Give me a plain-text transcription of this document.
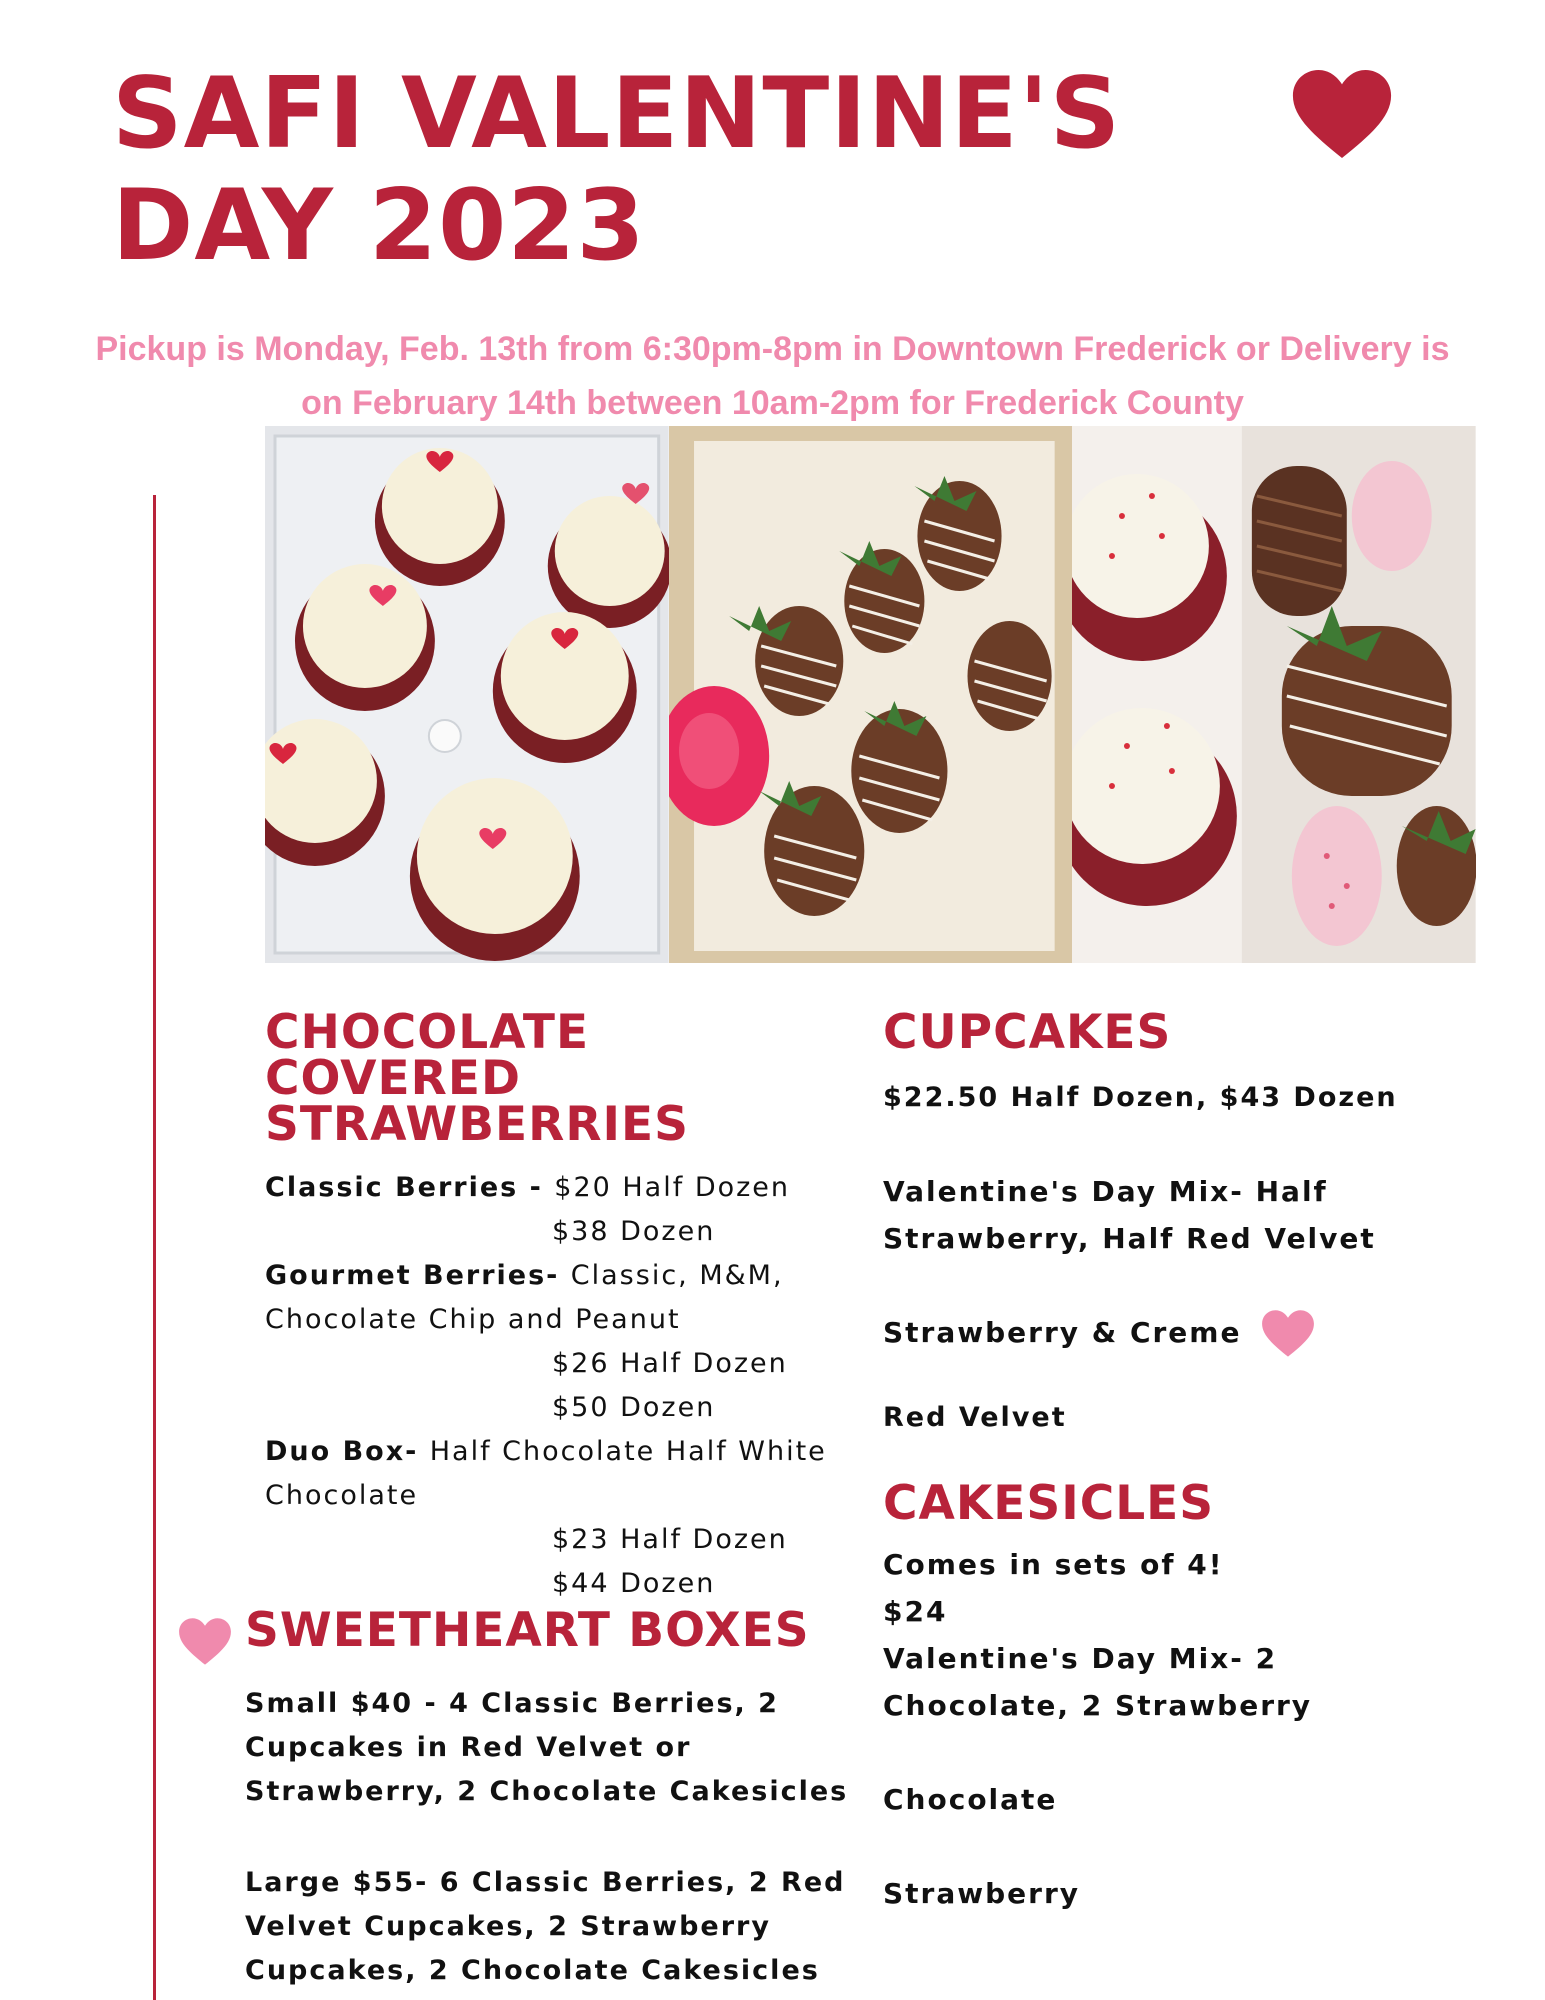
SAFI VALENTINE'S
DAY 2023

Pickup is Monday, Feb. 13th from 6:30pm-8pm in Downtown Frederick or Delivery is
on February 14th between 10am-2pm for Frederick County

CHOCOLATE
COVERED
STRAWBERRIES
Classic Berries - $20 Half Dozen
$38 Dozen
Gourmet Berries- Classic, M&M,
Chocolate Chip and Peanut
$26 Half Dozen
$50 Dozen
Duo Box- Half Chocolate Half White
Chocolate
$23 Half Dozen
$44 Dozen
SWEETHEART BOXES
Small $40 - 4 Classic Berries, 2
Cupcakes in Red Velvet or
Strawberry, 2 Chocolate Cakesicles
Large $55- 6 Classic Berries, 2 Red
Velvet Cupcakes, 2 Strawberry
Cupcakes, 2 Chocolate Cakesicles
CUPCAKES
$22.50 Half Dozen, $43 Dozen
Valentine's Day Mix- Half
Strawberry, Half Red Velvet
Strawberry & Creme
Red Velvet
CAKESICLES
Comes in sets of 4!
$24
Valentine's Day Mix- 2
Chocolate, 2 Strawberry
Chocolate
Strawberry
